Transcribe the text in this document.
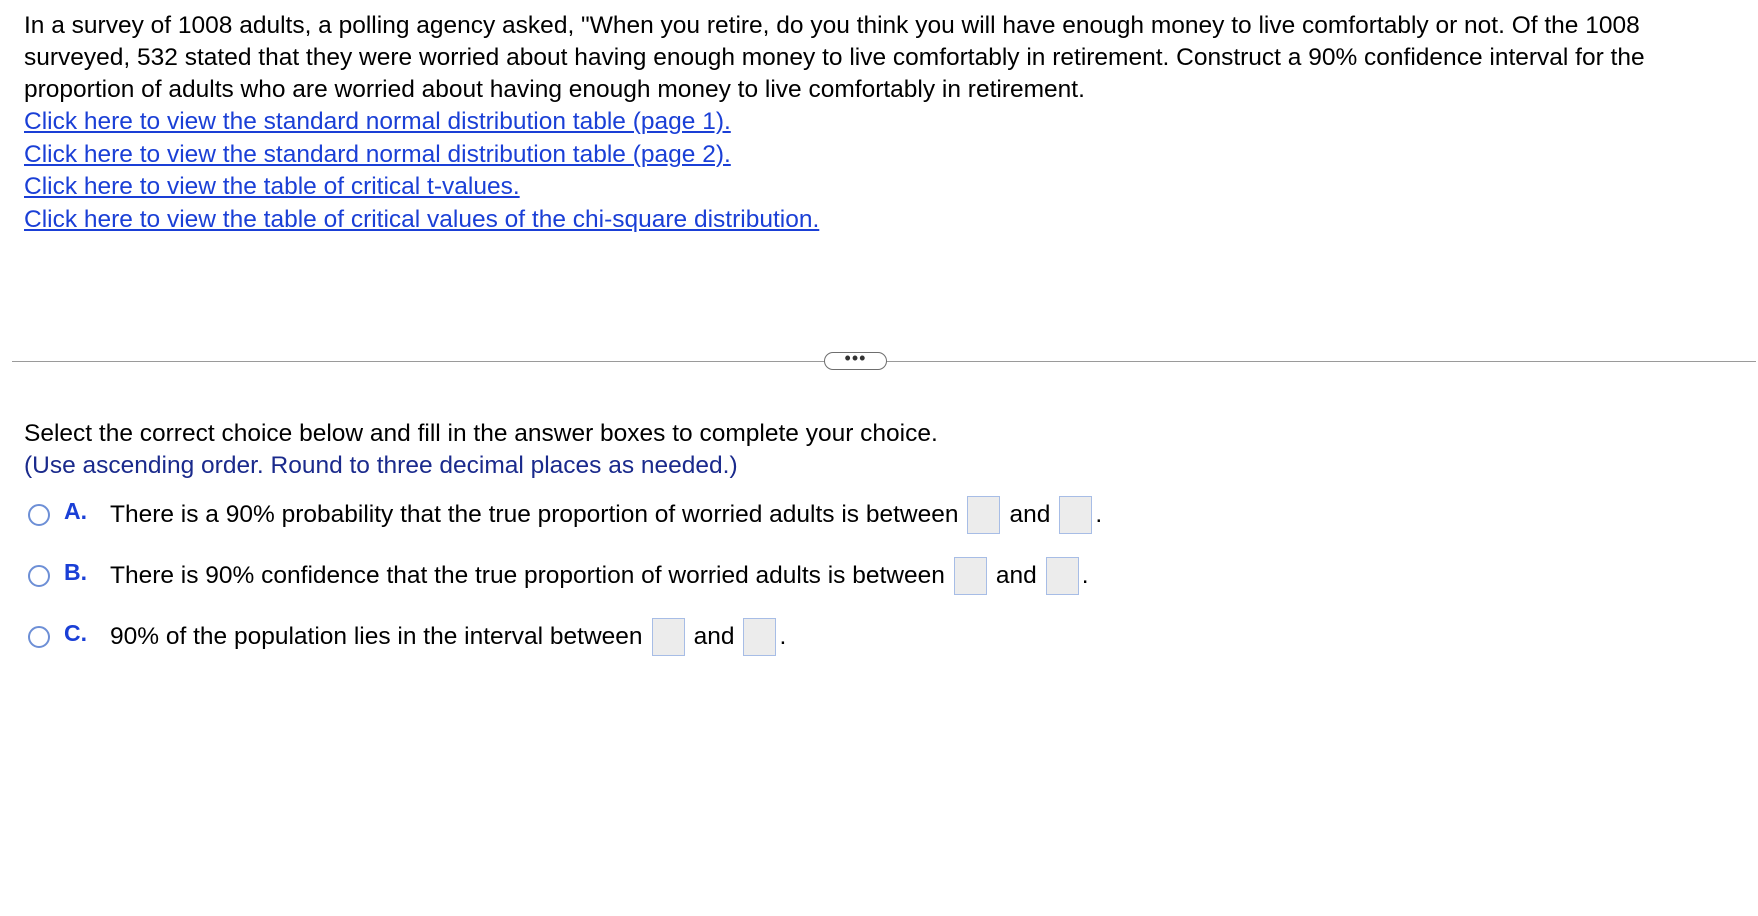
In a survey of 1008 adults, a polling agency asked, "When you retire, do you think you will have enough money to live comfortably or not. Of the 1008 surveyed, 532 stated that they were worried about having enough money to live comfortably in retirement. Construct a 90% confidence interval for the proportion of adults who are worried about having enough money to live comfortably in retirement.

Click here to view the standard normal distribution table (page 1).
Click here to view the standard normal distribution table (page 2).
Click here to view the table of critical t-values.
Click here to view the table of critical values of the chi-square distribution.
•••
Select the correct choice below and fill in the answer boxes to complete your choice.
(Use ascending order. Round to three decimal places as needed.)
A. There is a 90% probability that the true proportion of worried adults is between and .
B. There is 90% confidence that the true proportion of worried adults is between and .
C. 90% of the population lies in the interval between and .
